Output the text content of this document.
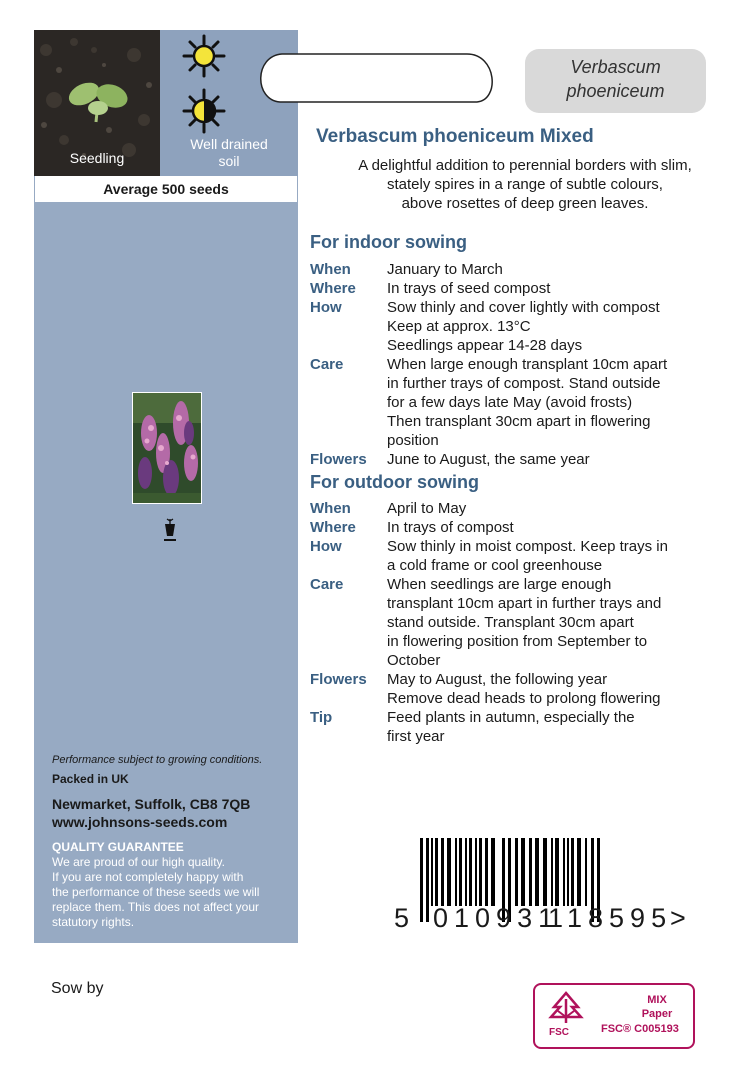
Seedling
Well drained
soil
Average 500 seeds
Performance subject to growing conditions.
Packed in UK
Newmarket, Suffolk, CB8 7QB
www.johnsons-seeds.com
QUALITY GUARANTEE
We are proud of our high quality.
If you are not completely happy with
the performance of these seeds we will
replace them. This does not affect your
statutory rights.
Verbascum
phoeniceum
Verbascum phoeniceum Mixed
A delightful addition to perennial borders with slim,
stately spires in a range of subtle colours,
above rosettes of deep green leaves.
For indoor sowing
When	January to March
Where	In trays of seed compost
How	Sow thinly and cover lightly with compost
Keep at approx. 13°C
Seedlings appear 14-28 days
Care	When large enough transplant 10cm apart
in further trays of compost. Stand outside
for a few days late May (avoid frosts)
Then transplant 30cm apart in flowering
position
Flowers	June to August, the same year
For outdoor sowing
When	April to May
Where	In trays of compost
How	Sow thinly in moist compost. Keep trays in
a cold frame or cool greenhouse
Care	When seedlings are large enough
transplant 10cm apart in further trays and
stand outside. Transplant 30cm apart
in flowering position from September to
October
Flowers	May to August, the following year
Remove dead heads to prolong flowering
Tip	Feed plants in autumn, especially the
first year
5 010931
118595
>
Sow by
FSC
MIX
Paper
FSC® C005193
